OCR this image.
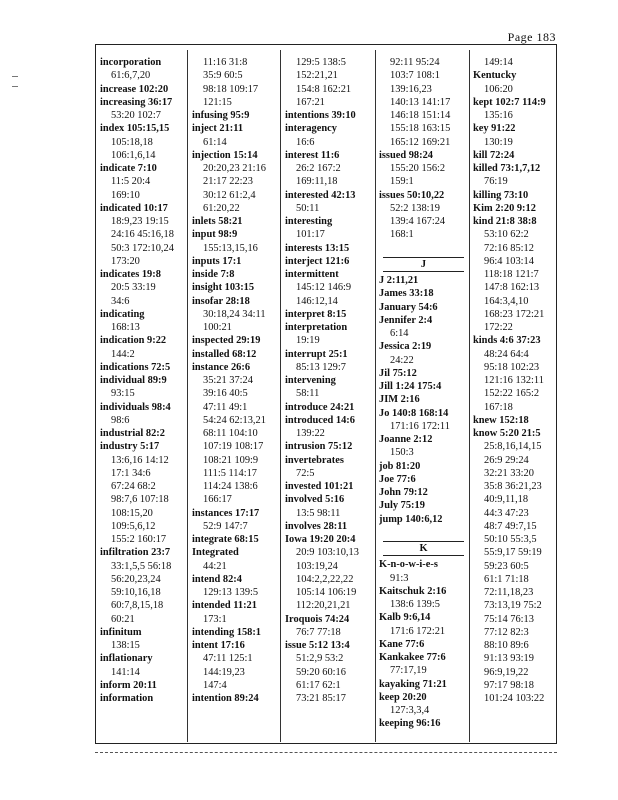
Page 183
incorporation
61:6,7,20
increase 102:20
increasing 36:17
53:20 102:7
index 105:15,15
105:18,18
106:1,6,14
indicate 7:10
11:5 20:4
169:10
indicated 10:17
18:9,23 19:15
24:16 45:16,18
50:3 172:10,24
173:20
indicates 19:8
20:5 33:19
34:6
indicating
168:13
indication 9:22
144:2
indications 72:5
individual 89:9
93:15
individuals 98:4
98:6
industrial 82:2
industry 5:17
13:6,16 14:12
17:1 34:6
67:24 68:2
98:7,6 107:18
108:15,20
109:5,6,12
155:2 160:17
infiltration 23:7
33:1,5,5 56:18
56:20,23,24
59:10,16,18
60:7,8,15,18
60:21
infinitum
138:15
inflationary
141:14
inform 20:11
information
11:16 31:8
35:9 60:5
98:18 109:17
121:15
infusing 95:9
inject 21:11
61:14
injection 15:14
20:20,23 21:16
21:17 22:23
30:12 61:2,4
61:20,22
inlets 58:21
input 98:9
155:13,15,16
inputs 17:1
inside 7:8
insight 103:15
insofar 28:18
30:18,24 34:11
100:21
inspected 29:19
installed 68:12
instance 26:6
35:21 37:24
39:16 40:5
47:11 49:1
54:24 62:13,21
68:11 104:10
107:19 108:17
108:21 109:9
111:5 114:17
114:24 138:6
166:17
instances 17:17
52:9 147:7
integrate 68:15
Integrated
44:21
intend 82:4
129:13 139:5
intended 11:21
173:1
intending 158:1
intent 17:16
47:11 125:1
144:19,23
147:4
intention 89:24
129:5 138:5
152:21,21
154:8 162:21
167:21
intentions 39:10
interagency
16:6
interest 11:6
26:2 167:2
169:11,18
interested 42:13
50:11
interesting
101:17
interests 13:15
interject 121:6
intermittent
145:12 146:9
146:12,14
interpret 8:15
interpretation
19:19
interrupt 25:1
85:13 129:7
intervening
58:11
introduce 24:21
introduced 14:6
139:22
intrusion 75:12
invertebrates
72:5
invested 101:21
involved 5:16
13:5 98:11
involves 28:11
Iowa 19:20 20:4
20:9 103:10,13
103:19,24
104:2,2,22,22
105:14 106:19
112:20,21,21
Iroquois 74:24
76:7 77:18
issue 5:12 13:4
51:2,9 53:2
59:20 60:16
61:17 62:1
73:21 85:17
92:11 95:24
103:7 108:1
139:16,23
140:13 141:17
146:18 151:14
155:18 163:15
165:12 169:21
issued 98:24
155:20 156:2
159:1
issues 50:10,22
52:2 138:19
139:4 167:24
168:1

J
J 2:11,21
James 33:18
January 54:6
Jennifer 2:4
6:14
Jessica 2:19
24:22
Jil 75:12
Jill 1:24 175:4
JIM 2:16
Jo 140:8 168:14
171:16 172:11
Joanne 2:12
150:3
job 81:20
Joe 77:6
John 79:12
July 75:19
jump 140:6,12

K
K-n-o-w-i-e-s
91:3
Kaitschuk 2:16
138:6 139:5
Kalb 9:6,14
171:6 172:21
Kane 77:6
Kankakee 77:6
77:17,19
kayaking 71:21
keep 20:20
127:3,3,4
keeping 96:16
149:14
Kentucky
106:20
kept 102:7 114:9
135:16
key 91:22
130:19
kill 72:24
killed 73:1,7,12
76:19
killing 73:10
Kim 2:20 9:12
kind 21:8 38:8
53:10 62:2
72:16 85:12
96:4 103:14
118:18 121:7
147:8 162:13
164:3,4,10
168:23 172:21
172:22
kinds 4:6 37:23
48:24 64:4
95:18 102:23
121:16 132:11
152:22 165:2
167:18
knew 152:18
know 5:20 21:5
25:8,16,14,15
26:9 29:24
32:21 33:20
35:8 36:21,23
40:9,11,18
44:3 47:23
48:7 49:7,15
50:10 55:3,5
55:9,17 59:19
59:23 60:5
61:1 71:18
72:11,18,23
73:13,19 75:2
75:14 76:13
77:12 82:3
88:10 89:6
91:13 93:19
96:9,19,22
97:17 98:18
101:24 103:22
